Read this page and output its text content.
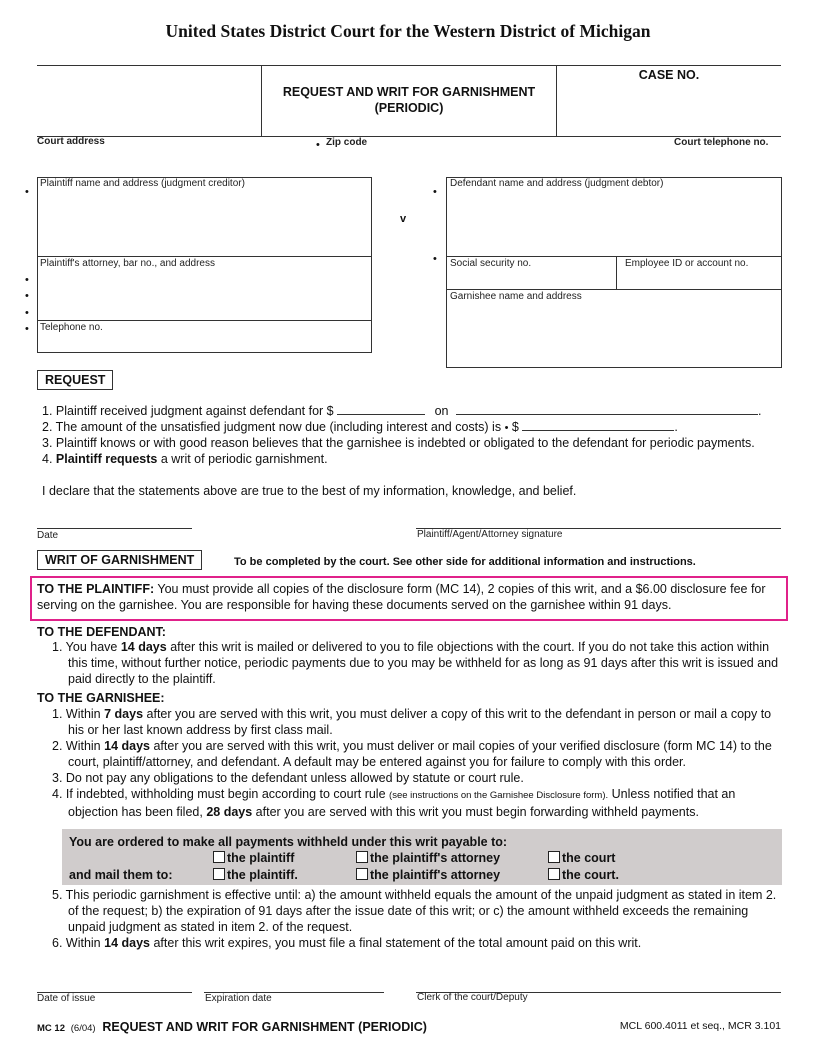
United States District Court for the Western District of Michigan
REQUEST AND WRIT FOR GARNISHMENT
(PERIODIC)
CASE NO.
Court address	• Zip code	Court telephone no.
Plaintiff name and address (judgment creditor)
Plaintiff's attorney, bar no., and address
Telephone no.
•
•
•
•
•
v
Defendant name and address (judgment debtor)
Social security no.	Employee ID or account no.
Garnishee name and address
•
•
REQUEST
1. Plaintiff received judgment against defendant for $	on	.
2. The amount of the unsatisfied judgment now due (including interest and costs) is • $	.
3. Plaintiff knows or with good reason believes that the garnishee is indebted or obligated to the defendant for periodic payments.
4. Plaintiff requests a writ of periodic garnishment.
I declare that the statements above are true to the best of my information, knowledge, and belief.
Date	Plaintiff/Agent/Attorney signature
WRIT OF GARNISHMENT	To be completed by the court. See other side for additional information and instructions.
TO THE PLAINTIFF: You must provide all copies of the disclosure form (MC 14), 2 copies of this writ, and a $6.00 disclosure fee for serving on the garnishee. You are responsible for having these documents served on the garnishee within 91 days.
TO THE DEFENDANT:
1. You have 14 days after this writ is mailed or delivered to you to file objections with the court. If you do not take this action within this time, without further notice, periodic payments due to you may be withheld for as long as 91 days after this writ is issued and paid directly to the plaintiff.
TO THE GARNISHEE:
1. Within 7 days after you are served with this writ, you must deliver a copy of this writ to the defendant in person or mail a copy to his or her last known address by first class mail.
2. Within 14 days after you are served with this writ, you must deliver or mail copies of your verified disclosure (form MC 14) to the court, plaintiff/attorney, and defendant. A default may be entered against you for failure to comply with this order.
3. Do not pay any obligations to the defendant unless allowed by statute or court rule.
4. If indebted, withholding must begin according to court rule (see instructions on the Garnishee Disclosure form). Unless notified that an objection has been filed, 28 days after you are served with this writ you must begin forwarding withheld payments.
You are ordered to make all payments withheld under this writ payable to:
and mail them to:
the plaintiff	the plaintiff's attorney	the court
the plaintiff.	the plaintiff's attorney	the court.
5. This periodic garnishment is effective until: a) the amount withheld equals the amount of the unpaid judgment as stated in item 2. of the request; b) the expiration of 91 days after the issue date of this writ; or c) the amount withheld exceeds the remaining unpaid judgment as stated in item 2. of the request.
6. Within 14 days after this writ expires, you must file a final statement of the total amount paid on this writ.
Date of issue	Expiration date	Clerk of the court/Deputy
MC 12 (6/04) REQUEST AND WRIT FOR GARNISHMENT (PERIODIC)	MCL 600.4011 et seq., MCR 3.101
